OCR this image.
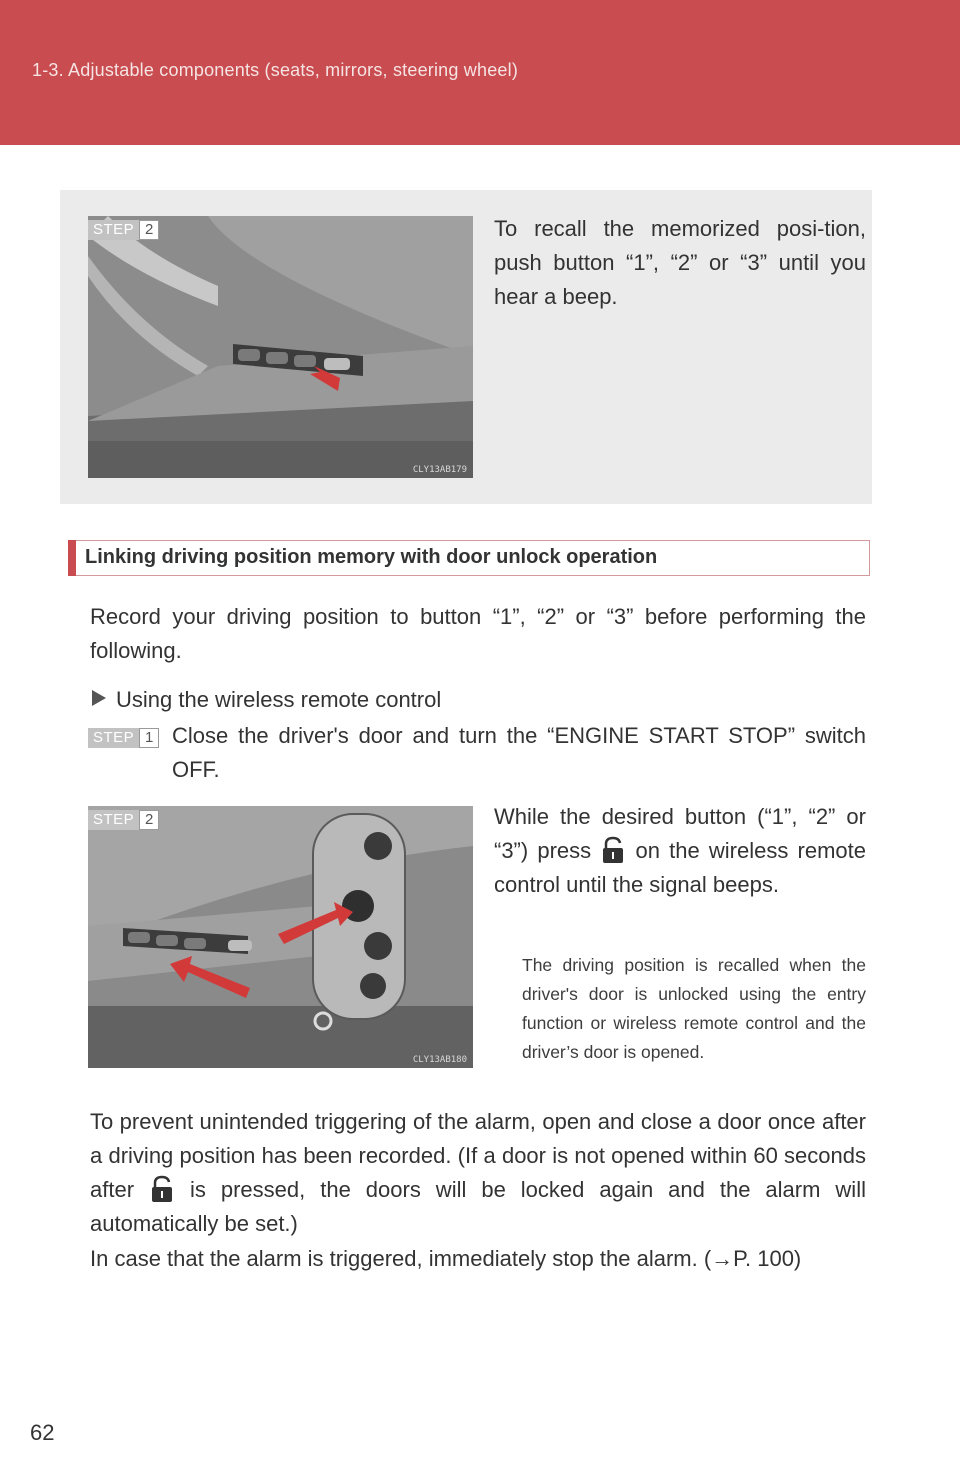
1-3. Adjustable components (seats, mirrors, steering wheel)
CLY13AB179
STEP 2	To recall the memorized posi-tion, push button “1”, “2” or “3” until you hear a beep.

Linking driving position memory with door unlock operation

Record your driving position to button “1”, “2” or “3” before performing the following.

Using the wireless remote control
STEP 1 Close the driver's door and turn the “ENGINE START STOP” switch OFF.

CLY13AB180
STEP 2	While the desired button (“1”, “2” or “3”) press on the wireless remote control until the signal beeps.

The driving position is recalled when the driver's door is unlocked using the entry function or wireless remote control and the driver’s door is opened.

To prevent unintended triggering of the alarm, open and close a door once after a driving position has been recorded. (If a door is not opened within 60 seconds after	is pressed, the doors will be locked again and the alarm will automatically be set.)

In case that the alarm is triggered, immediately stop the alarm. (→P. 100)

62
